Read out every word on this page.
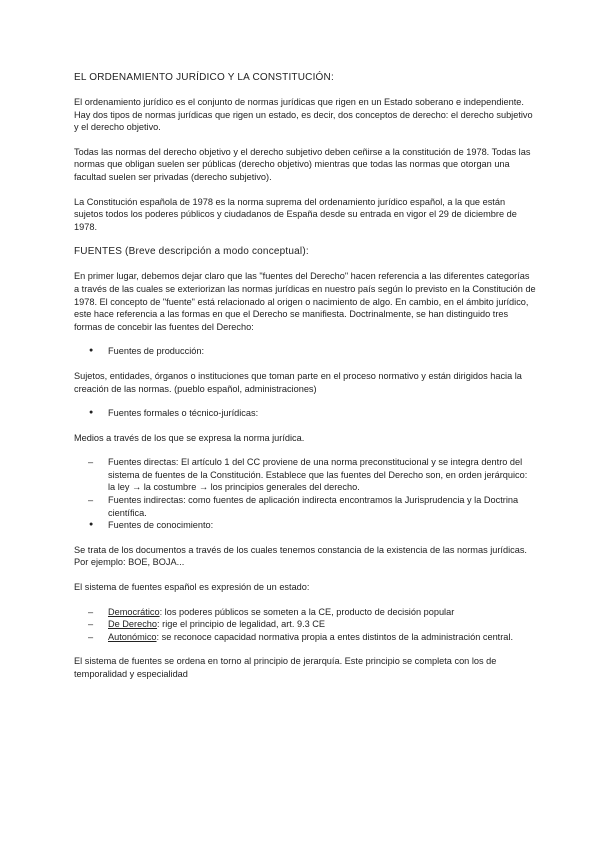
EL ORDENAMIENTO JURÍDICO Y LA CONSTITUCIÓN:

El ordenamiento jurídico es el conjunto de normas jurídicas que rigen en un Estado soberano e independiente. Hay dos tipos de normas jurídicas que rigen un estado, es decir, dos conceptos de derecho: el derecho subjetivo y el derecho objetivo.

Todas las normas del derecho objetivo y el derecho subjetivo deben ceñirse a la constitución de 1978. Todas las normas que obligan suelen ser públicas (derecho objetivo) mientras que todas las normas que otorgan una facultad suelen ser privadas (derecho subjetivo).

La Constitución española de 1978 es la norma suprema del ordenamiento jurídico español, a la que están sujetos todos los poderes públicos y ciudadanos de España desde su entrada en vigor el 29 de diciembre de 1978.

FUENTES (Breve descripción a modo conceptual):

En primer lugar, debemos dejar claro que las "fuentes del Derecho" hacen referencia a las diferentes categorías a través de las cuales se exteriorizan las normas jurídicas en nuestro país según lo previsto en la Constitución de 1978. El concepto de "fuente" está relacionado al origen o nacimiento de algo. En cambio, en el ámbito jurídico, este hace referencia a las formas en que el Derecho se manifiesta. Doctrinalmente, se han distinguido tres formas de concebir las fuentes del Derecho:

● Fuentes de producción:

Sujetos, entidades, órganos o instituciones que toman parte en el proceso normativo y están dirigidos hacia la creación de las normas. (pueblo español, administraciones)

● Fuentes formales o técnico-jurídicas:

Medios a través de los que se expresa la norma jurídica.

– Fuentes directas: El artículo 1 del CC proviene de una norma preconstitucional y se integra dentro del sistema de fuentes de la Constitución. Establece que las fuentes del Derecho son, en orden jerárquico: la ley → la costumbre → los principios generales del derecho.
– Fuentes indirectas: como fuentes de aplicación indirecta encontramos la Jurisprudencia y la Doctrina científica.
● Fuentes de conocimiento:

Se trata de los documentos a través de los cuales tenemos constancia de la existencia de las normas jurídicas. Por ejemplo: BOE, BOJA...

El sistema de fuentes español es expresión de un estado:

– Democrático: los poderes públicos se someten a la CE, producto de decisión popular
– De Derecho: rige el principio de legalidad, art. 9.3 CE
– Autonómico: se reconoce capacidad normativa propia a entes distintos de la administración central.

El sistema de fuentes se ordena en torno al principio de jerarquía. Este principio se completa con los de temporalidad y especialidad
